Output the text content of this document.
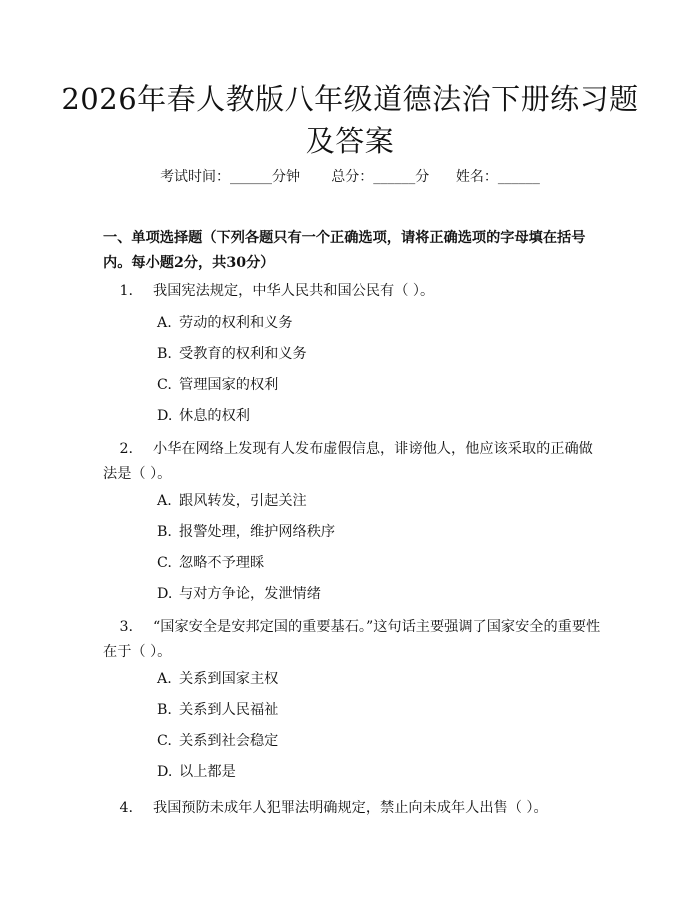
2026年春人教版八年级道德法治下册练习题及答案
考试时间：______分钟 总分：______分 姓名：______

一、单项选择题（下列各题只有一个正确选项，请将正确选项的字母填在括号内。每小题2分，共30分）

1. 我国宪法规定，中华人民共和国公民有（ ）。

A. 劳动的权利和义务
B. 受教育的权利和义务
C. 管理国家的权利
D. 休息的权利

2. 小华在网络上发现有人发布虚假信息，诽谤他人，他应该采取的正确做法是（ ）。

A. 跟风转发，引起关注
B. 报警处理，维护网络秩序
C. 忽略不予理睬
D. 与对方争论，发泄情绪

3. “国家安全是安邦定国的重要基石。”这句话主要强调了国家安全的重要性在于（ ）。

A. 关系到国家主权
B. 关系到人民福祉
C. 关系到社会稳定
D. 以上都是

4. 我国预防未成年人犯罪法明确规定，禁止向未成年人出售（ ）。
